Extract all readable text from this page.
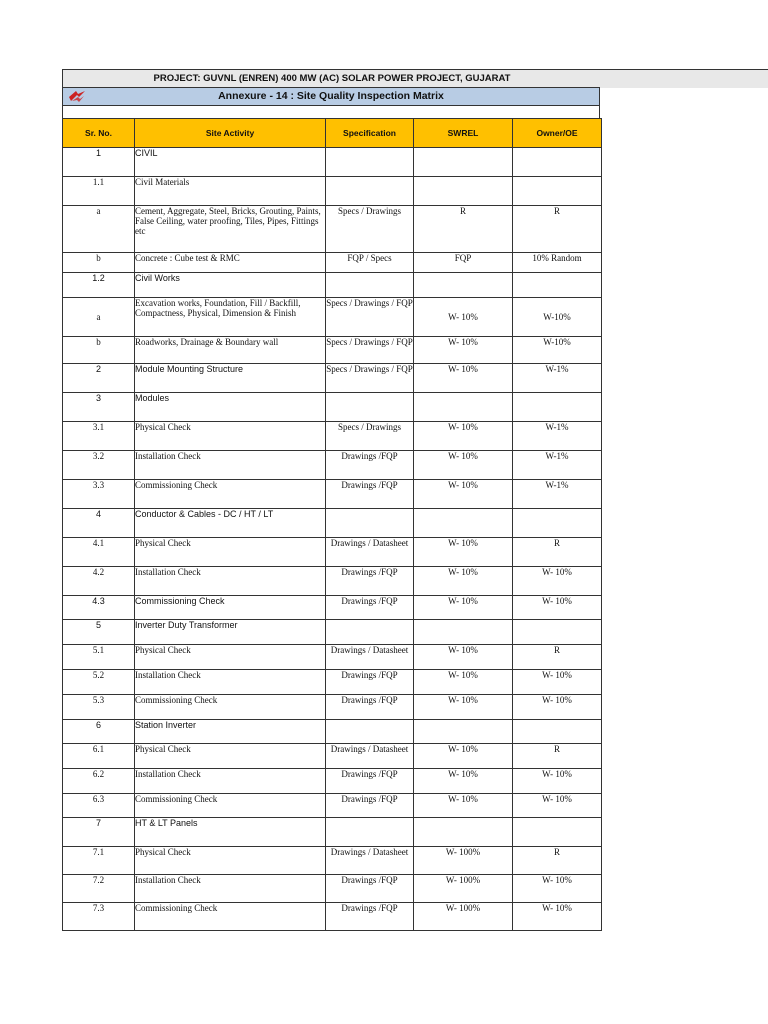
PROJECT: GUVNL (ENREN) 400 MW (AC) SOLAR POWER PROJECT, GUJARAT
Annexure - 14 : Site Quality Inspection Matrix
Sr. No.	Site Activity	Specification	SWREL	Owner/OE
1	CIVIL			
1.1	Civil Materials			
a	Cement, Aggregate, Steel, Bricks, Grouting, Paints, False Ceiling, water proofing, Tiles, Pipes, Fittings etc	Specs / Drawings	R	R
b	Concrete : Cube test & RMC	FQP / Specs	FQP	10% Random
1.2	Civil Works			
a	Excavation works, Foundation, Fill / Backfill, Compactness, Physical, Dimension & Finish	Specs / Drawings / FQP	W- 10%	W-10%
b	Roadworks, Drainage & Boundary wall	Specs / Drawings / FQP	W- 10%	W-10%
2	Module Mounting Structure	Specs / Drawings / FQP	W- 10%	W-1%
3	Modules			
3.1	Physical Check	Specs / Drawings	W- 10%	W-1%
3.2	Installation Check	Drawings /FQP	W- 10%	W-1%
3.3	Commissioning Check	Drawings /FQP	W- 10%	W-1%
4	Conductor & Cables - DC / HT / LT			
4.1	Physical Check	Drawings / Datasheet	W- 10%	R
4.2	Installation Check	Drawings /FQP	W- 10%	W- 10%
4.3	Commissioning Check	Drawings /FQP	W- 10%	W- 10%
5	Inverter Duty Transformer			
5.1	Physical Check	Drawings / Datasheet	W- 10%	R
5.2	Installation Check	Drawings /FQP	W- 10%	W- 10%
5.3	Commissioning Check	Drawings /FQP	W- 10%	W- 10%
6	Station Inverter			
6.1	Physical Check	Drawings / Datasheet	W- 10%	R
6.2	Installation Check	Drawings /FQP	W- 10%	W- 10%
6.3	Commissioning Check	Drawings /FQP	W- 10%	W- 10%
7	HT & LT Panels			
7.1	Physical Check	Drawings / Datasheet	W- 100%	R
7.2	Installation Check	Drawings /FQP	W- 100%	W- 10%
7.3	Commissioning Check	Drawings /FQP	W- 100%	W- 10%
